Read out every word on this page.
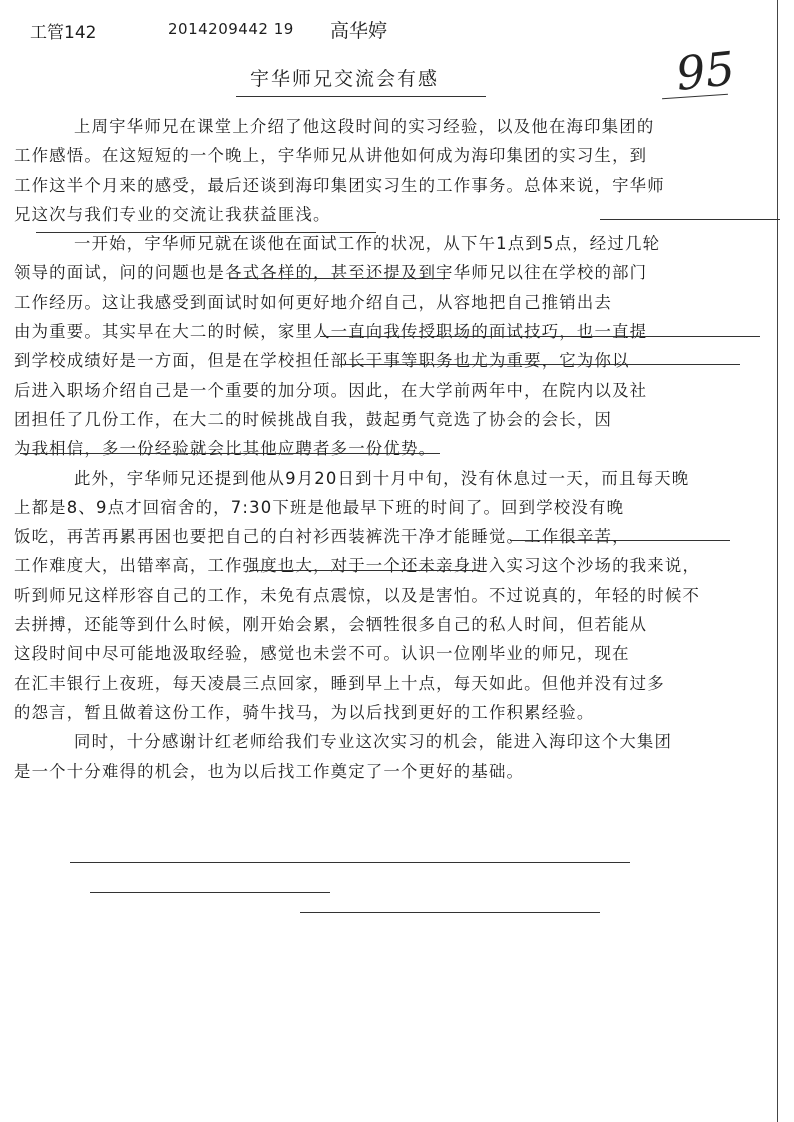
工管142	2014209442 19 高华婷
95
宇华师兄交流会有感
上周宇华师兄在课堂上介绍了他这段时间的实习经验，以及他在海印集团的
工作感悟。在这短短的一个晚上，宇华师兄从讲他如何成为海印集团的实习生，到
工作这半个月来的感受，最后还谈到海印集团实习生的工作事务。总体来说，宇华师
兄这次与我们专业的交流让我获益匪浅。
一开始，宇华师兄就在谈他在面试工作的状况，从下午1点到5点，经过几轮
领导的面试，问的问题也是各式各样的，甚至还提及到宇华师兄以往在学校的部门
工作经历。这让我感受到面试时如何更好地介绍自己，从容地把自己推销出去
由为重要。其实早在大二的时候，家里人一直向我传授职场的面试技巧，也一直提
到学校成绩好是一方面，但是在学校担任部长干事等职务也尤为重要，它为你以
后进入职场介绍自己是一个重要的加分项。因此，在大学前两年中，在院内以及社
团担任了几份工作，在大二的时候挑战自我，鼓起勇气竞选了协会的会长，因
为我相信，多一份经验就会比其他应聘者多一份优势。
此外，宇华师兄还提到他从9月20日到十月中旬，没有休息过一天，而且每天晚
上都是8、9点才回宿舍的，7:30下班是他最早下班的时间了。回到学校没有晚
饭吃，再苦再累再困也要把自己的白衬衫西装裤洗干净才能睡觉。工作很辛苦，
工作难度大，出错率高，工作强度也大，对于一个还未亲身进入实习这个沙场的我来说，
听到师兄这样形容自己的工作，未免有点震惊，以及是害怕。不过说真的，年轻的时候不
去拼搏，还能等到什么时候，刚开始会累，会牺牲很多自己的私人时间，但若能从
这段时间中尽可能地汲取经验，感觉也未尝不可。认识一位刚毕业的师兄，现在
在汇丰银行上夜班，每天凌晨三点回家，睡到早上十点，每天如此。但他并没有过多
的怨言，暂且做着这份工作，骑牛找马，为以后找到更好的工作积累经验。
同时，十分感谢计红老师给我们专业这次实习的机会，能进入海印这个大集团
是一个十分难得的机会，也为以后找工作奠定了一个更好的基础。
